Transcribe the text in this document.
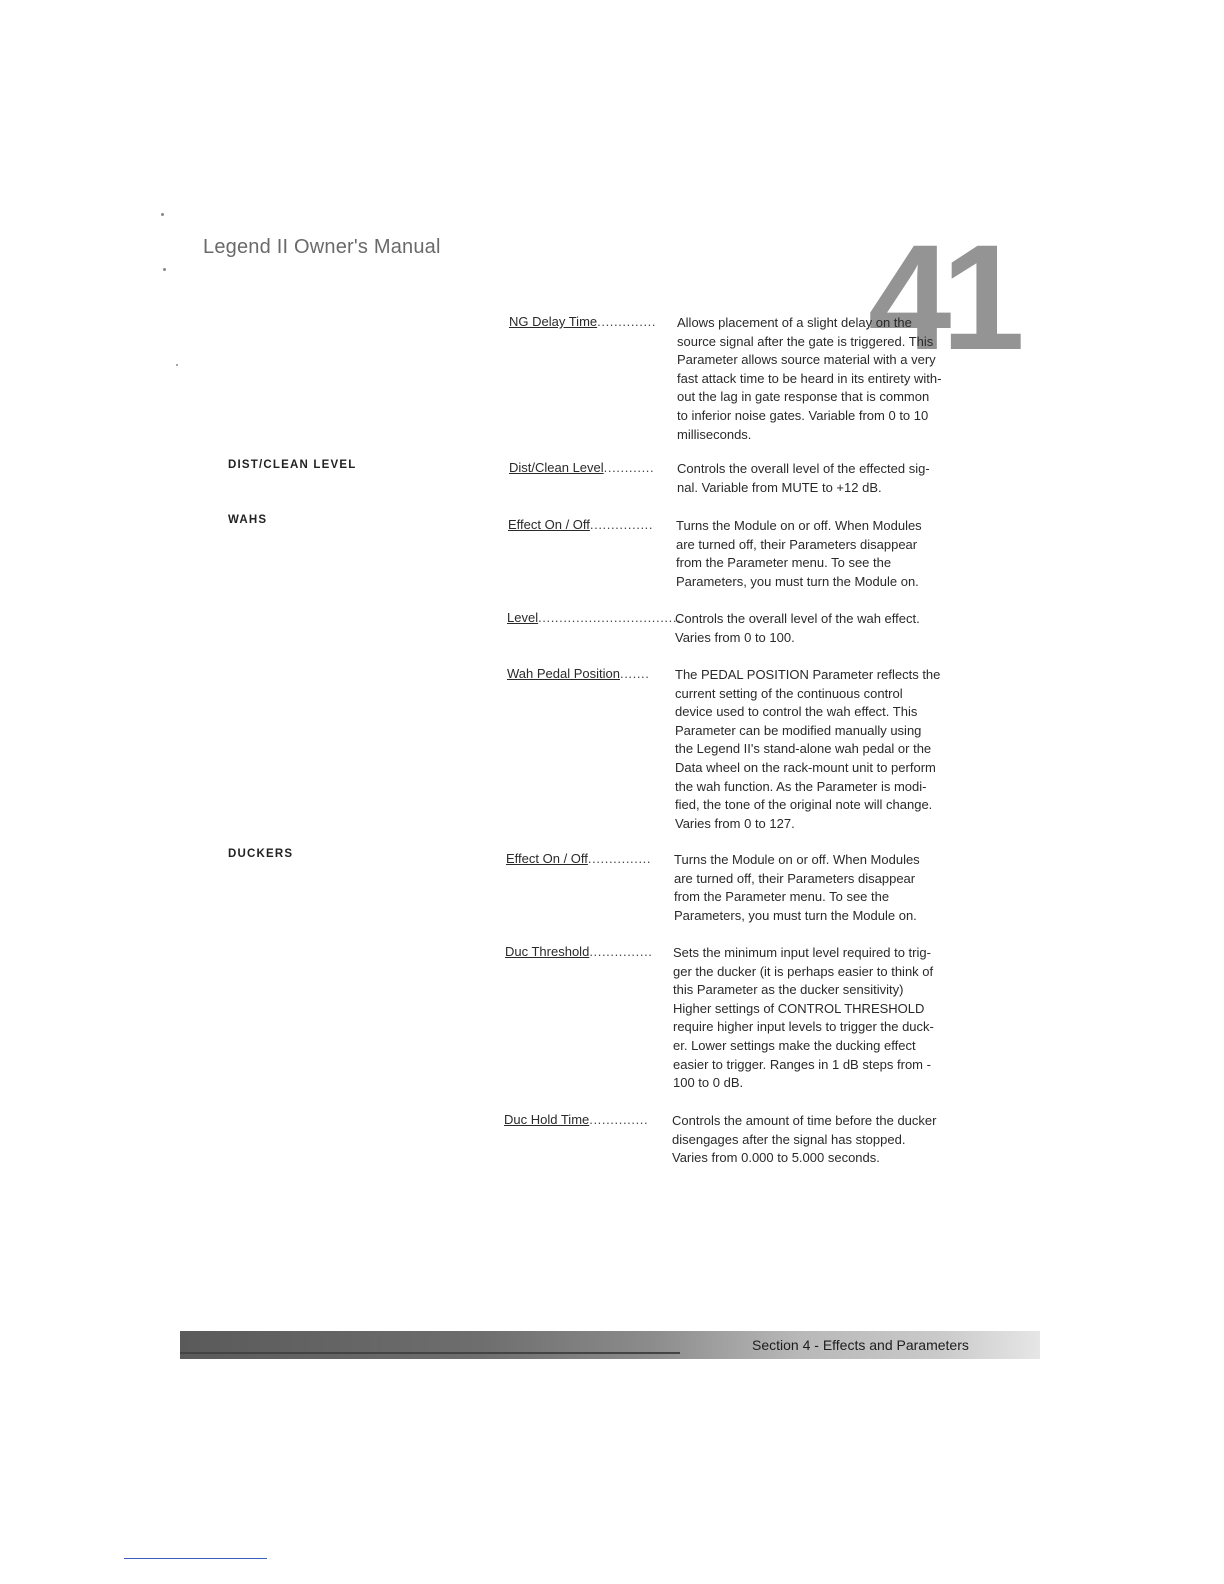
Legend II Owner's Manual	41
DIST/CLEAN LEVEL
WAHS
DUCKERS
NG Delay Time.............. Allows placement of a slight delay on the
source signal after the gate is triggered. This
Parameter allows source material with a very
fast attack time to be heard in its entirety with-
out the lag in gate response that is common
to inferior noise gates. Variable from 0 to 10
milliseconds.
Dist/Clean Level............ Controls the overall level of the effected sig-
nal. Variable from MUTE to +12 dB.
Effect On / Off............... Turns the Module on or off. When Modules
are turned off, their Parameters disappear
from the Parameter menu. To see the
Parameters, you must turn the Module on.
Level..................................
Controls the overall level of the wah effect.
Varies from 0 to 100.
Wah Pedal Position....... The PEDAL POSITION Parameter reflects the
current setting of the continuous control
device used to control the wah effect. This
Parameter can be modified manually using
the Legend II's stand-alone wah pedal or the
Data wheel on the rack-mount unit to perform
the wah function. As the Parameter is modi-
fied, the tone of the original note will change.
Varies from 0 to 127.
Effect On / Off............... Turns the Module on or off. When Modules
are turned off, their Parameters disappear
from the Parameter menu. To see the
Parameters, you must turn the Module on.
Duc Threshold............... Sets the minimum input level required to trig-
ger the ducker (it is perhaps easier to think of
this Parameter as the ducker sensitivity)
Higher settings of CONTROL THRESHOLD
require higher input levels to trigger the duck-
er. Lower settings make the ducking effect
easier to trigger. Ranges in 1 dB steps from -
100 to 0 dB.
Duc Hold Time.............. Controls the amount of time before the ducker
disengages after the signal has stopped.
Varies from 0.000 to 5.000 seconds.
Section 4 - Effects and Parameters
